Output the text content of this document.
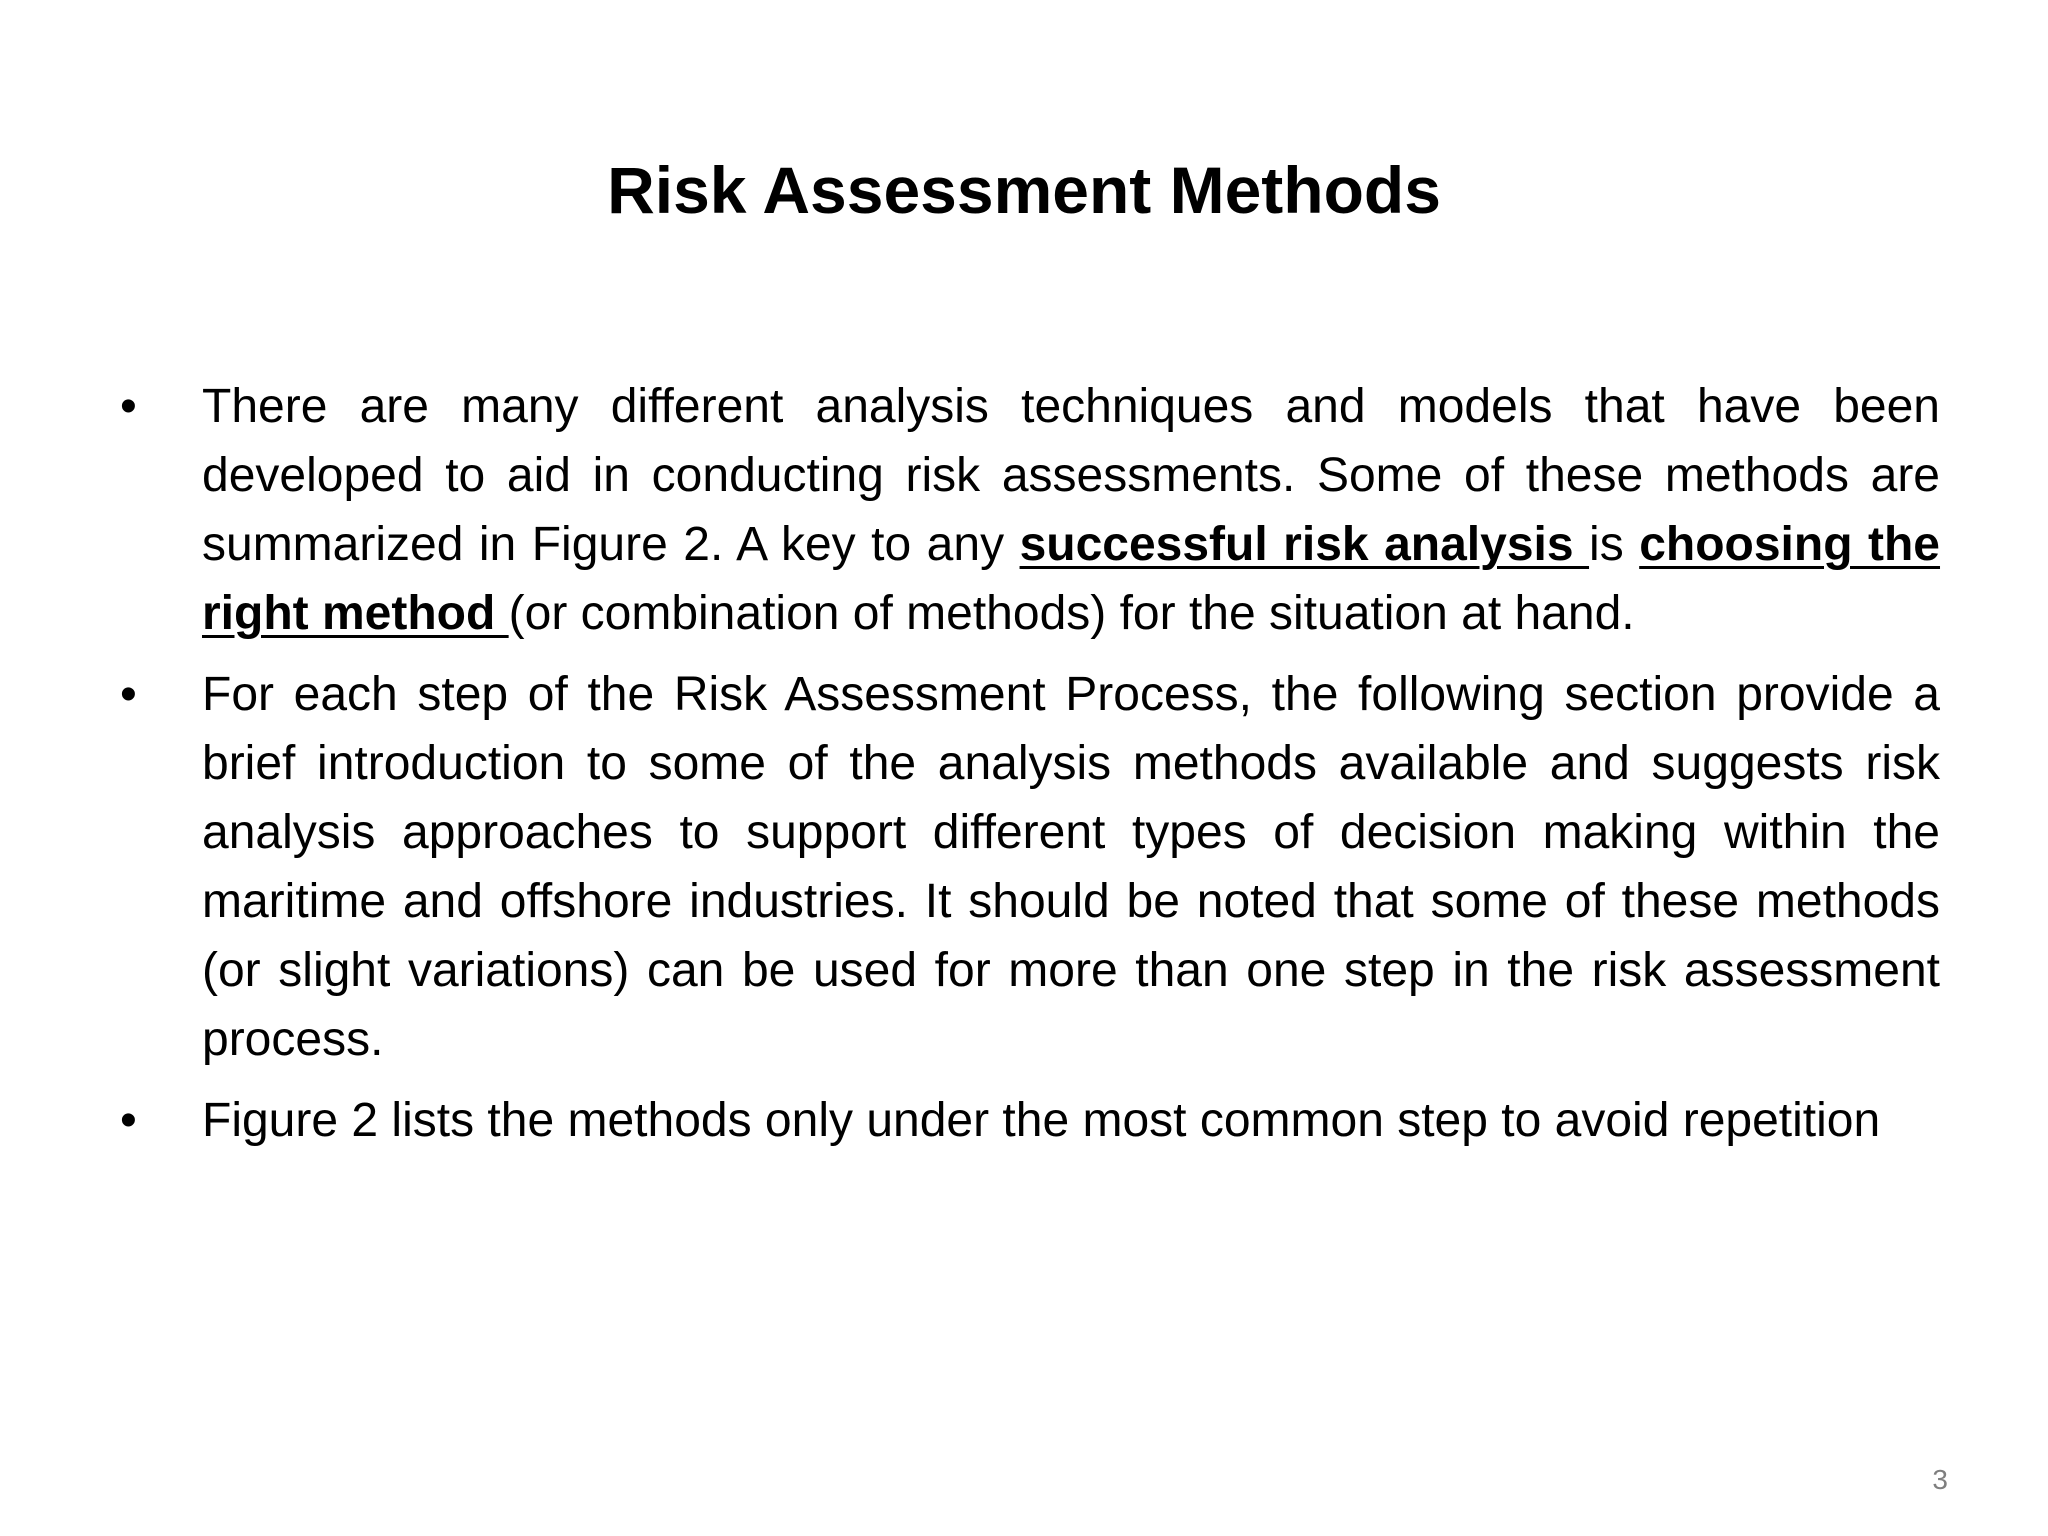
Risk Assessment Methods
• There are many different analysis techniques and models that have been developed to aid in conducting risk assessments. Some of these methods are summarized in Figure 2. A key to any successful risk analysis is choosing the right method (or combination of methods) for the situation at hand.
• For each step of the Risk Assessment Process, the following section provide a brief introduction to some of the analysis methods available and suggests risk analysis approaches to support different types of decision making within the maritime and offshore industries. It should be noted that some of these methods (or slight variations) can be used for more than one step in the risk assessment process.
• Figure 2 lists the methods only under the most common step to avoid repetition
3
